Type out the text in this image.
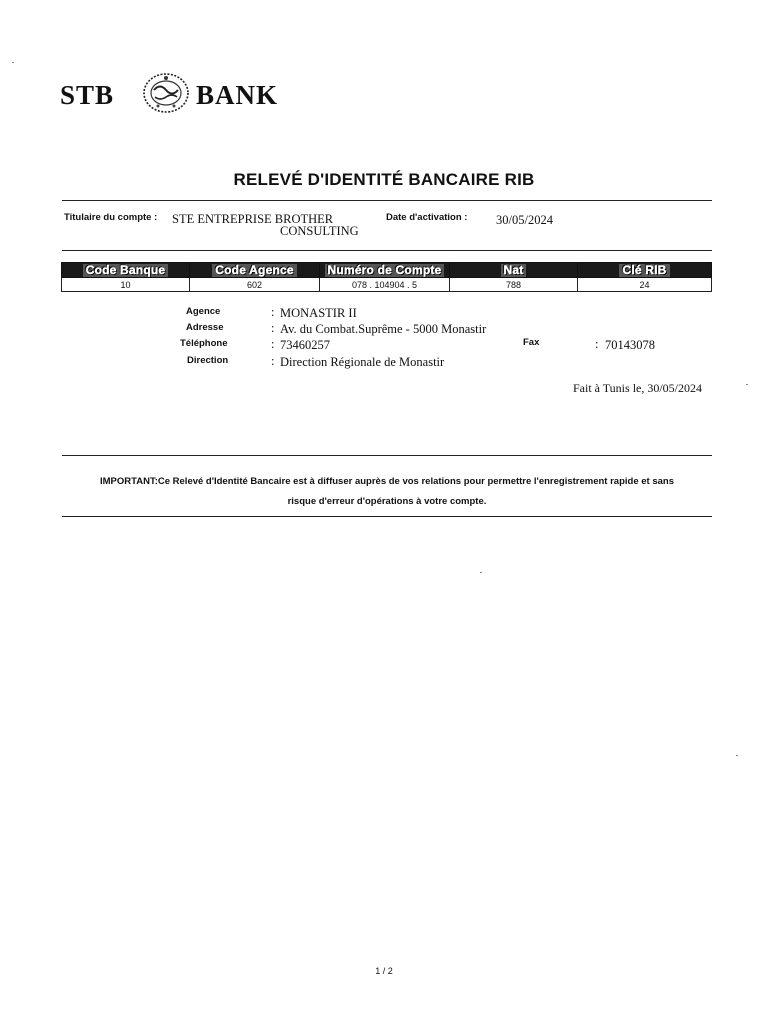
STB	BANK
RELEVÉ D'IDENTITÉ BANCAIRE RIB
Titulaire du compte : STE ENTREPRISE BROTHER
CONSULTING
Date d'activation : 30/05/2024
Code Banque	Code Agence	Numéro de Compte	Nat	Clé RIB
10	602	078 . 104904 . 5	788	24
Agence	: MONASTIR II
Adresse	: Av. du Combat.Suprême - 5000 Monastir
Téléphone	: 73460257	Fax	: 70143078
Direction	: Direction Régionale de Monastir
Fait à Tunis le, 30/05/2024
IMPORTANT:Ce Relevé d'Identité Bancaire est à diffuser auprès de vos relations pour permettre l'enregistrement rapide et sans
risque d'erreur d'opérations à votre compte.
1 / 2
